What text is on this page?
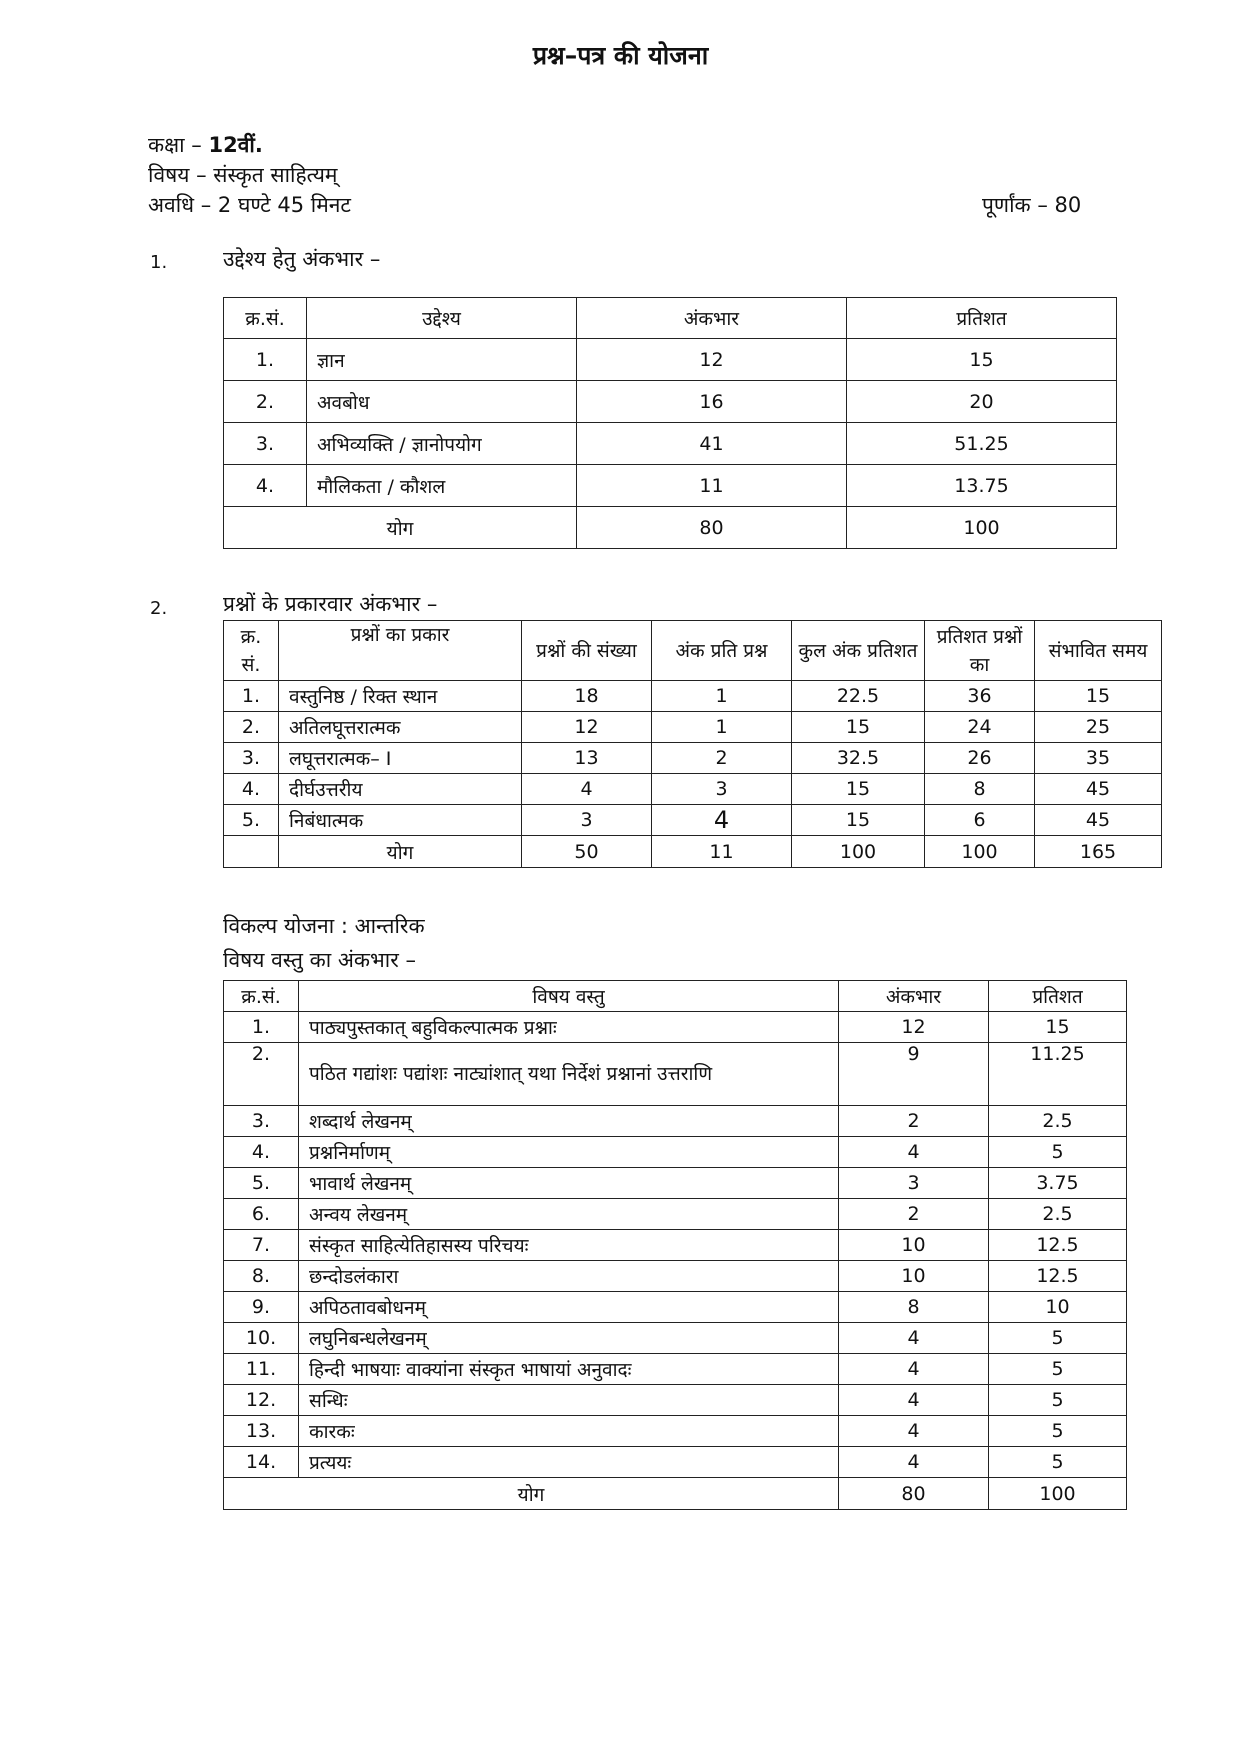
प्रश्न–पत्र की योजना
कक्षा – 12वीं.
विषय – संस्कृत साहित्यम्
अवधि – 2 घण्टे 45 मिनट	पूर्णांक – 80
1.	उद्देश्य हेतु अंकभार –
क्र.सं.	उद्देश्य	अंकभार	प्रतिशत
1.	ज्ञान	12	15
2.	अवबोध	16	20
3.	अभिव्यक्ति / ज्ञानोपयोग	41	51.25
4.	मौलिकता / कौशल	11	13.75
योग		80	100
2.	प्रश्नों के प्रकारवार अंकभार –
क्र. सं.	प्रश्नों का प्रकार	प्रश्नों की संख्या	अंक प्रति प्रश्न	कुल अंक प्रतिशत	प्रतिशत प्रश्नों का	संभावित समय
1.	वस्तुनिष्ठ / रिक्त स्थान	18	1	22.5	36	15
2.	अतिलघूत्तरात्मक	12	1	15	24	25
3.	लघूत्तरात्मक– I	13	2	32.5	26	35
4.	दीर्घउत्तरीय	4	3	15	8	45
5.	निबंधात्मक	3	4	15	6	45
	योग	50	11	100	100	165
विकल्प योजना : आन्तरिक
विषय वस्तु का अंकभार –
क्र.सं.	विषय वस्तु	अंकभार	प्रतिशत
1.	पाठ्यपुस्तकात् बहुविकल्पात्मक प्रश्नाः	12	15
2.	पठित गद्यांशः पद्यांशः नाट्यांशात् यथा निर्देशं प्रश्नानां उत्तराणि	9	11.25
3.	शब्दार्थ लेखनम्	2	2.5
4.	प्रश्ननिर्माणम्	4	5
5.	भावार्थ लेखनम्	3	3.75
6.	अन्वय लेखनम्	2	2.5
7.	संस्कृत साहित्येतिहासस्य परिचयः	10	12.5
8.	छन्दोडलंकारा	10	12.5
9.	अपिठतावबोधनम्	8	10
10.	लघुनिबन्धलेखनम्	4	5
11.	हिन्दी भाषयाः वाक्यांना संस्कृत भाषायां अनुवादः	4	5
12.	सन्धिः	4	5
13.	कारकः	4	5
14.	प्रत्ययः	4	5
योग		80	100
